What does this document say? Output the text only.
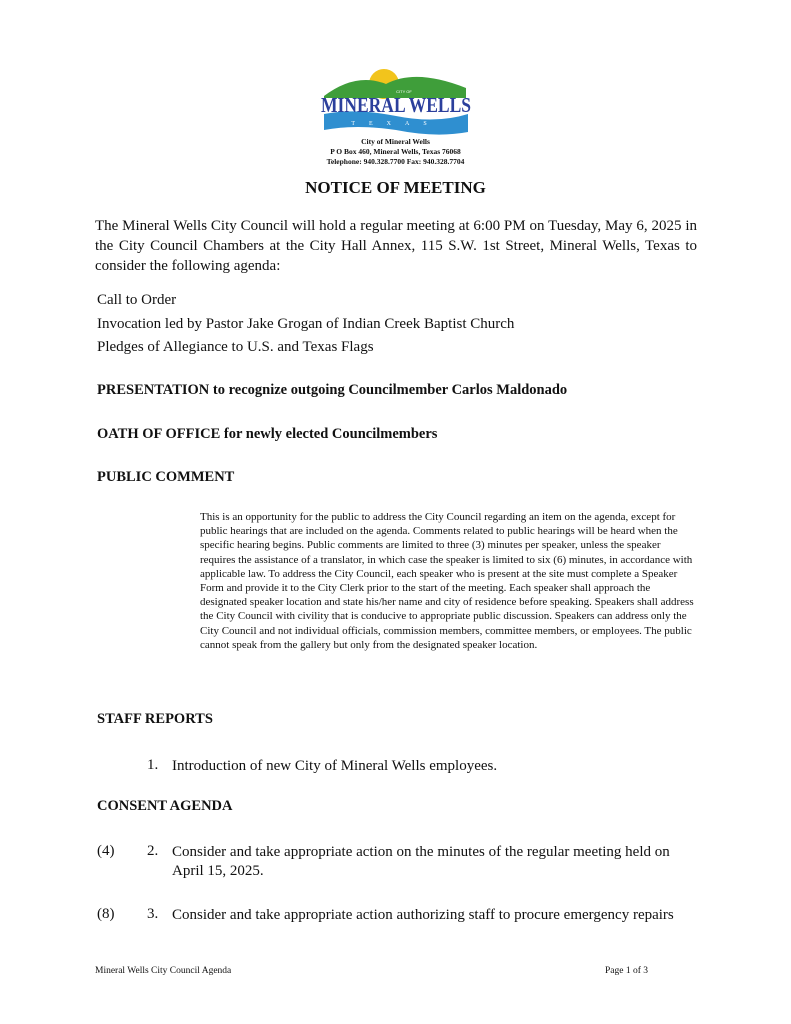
CITY OF
MINERAL WELLS
TEXAS
City of Mineral Wells
P O Box 460, Mineral Wells, Texas 76068
Telephone: 940.328.7700 Fax: 940.328.7704
NOTICE OF MEETING
The Mineral Wells City Council will hold a regular meeting at 6:00 PM on Tuesday, May 6, 2025 in the City Council Chambers at the City Hall Annex, 115 S.W. 1st Street, Mineral Wells, Texas to consider the following agenda:
Call to Order
Invocation led by Pastor Jake Grogan of Indian Creek Baptist Church
Pledges of Allegiance to U.S. and Texas Flags
PRESENTATION to recognize outgoing Councilmember Carlos Maldonado
OATH OF OFFICE for newly elected Councilmembers
PUBLIC COMMENT
This is an opportunity for the public to address the City Council regarding an item on the agenda, except for public hearings that are included on the agenda. Comments related to public hearings will be heard when the specific hearing begins. Public comments are limited to three (3) minutes per speaker, unless the speaker requires the assistance of a translator, in which case the speaker is limited to six (6) minutes, in accordance with applicable law. To address the City Council, each speaker who is present at the site must complete a Speaker Form and provide it to the City Clerk prior to the start of the meeting. Each speaker shall approach the designated speaker location and state his/her name and city of residence before speaking. Speakers shall address the City Council with civility that is conducive to appropriate public discussion. Speakers can address only the City Council and not individual officials, commission members, committee members, or employees. The public cannot speak from the gallery but only from the designated speaker location.
STAFF REPORTS
1. Introduction of new City of Mineral Wells employees.
CONSENT AGENDA
(4) 2. Consider and take appropriate action on the minutes of the regular meeting held on April 15, 2025.
(8) 3. Consider and take appropriate action authorizing staff to procure emergency repairs
Mineral Wells City Council Agenda	Page 1 of 3
